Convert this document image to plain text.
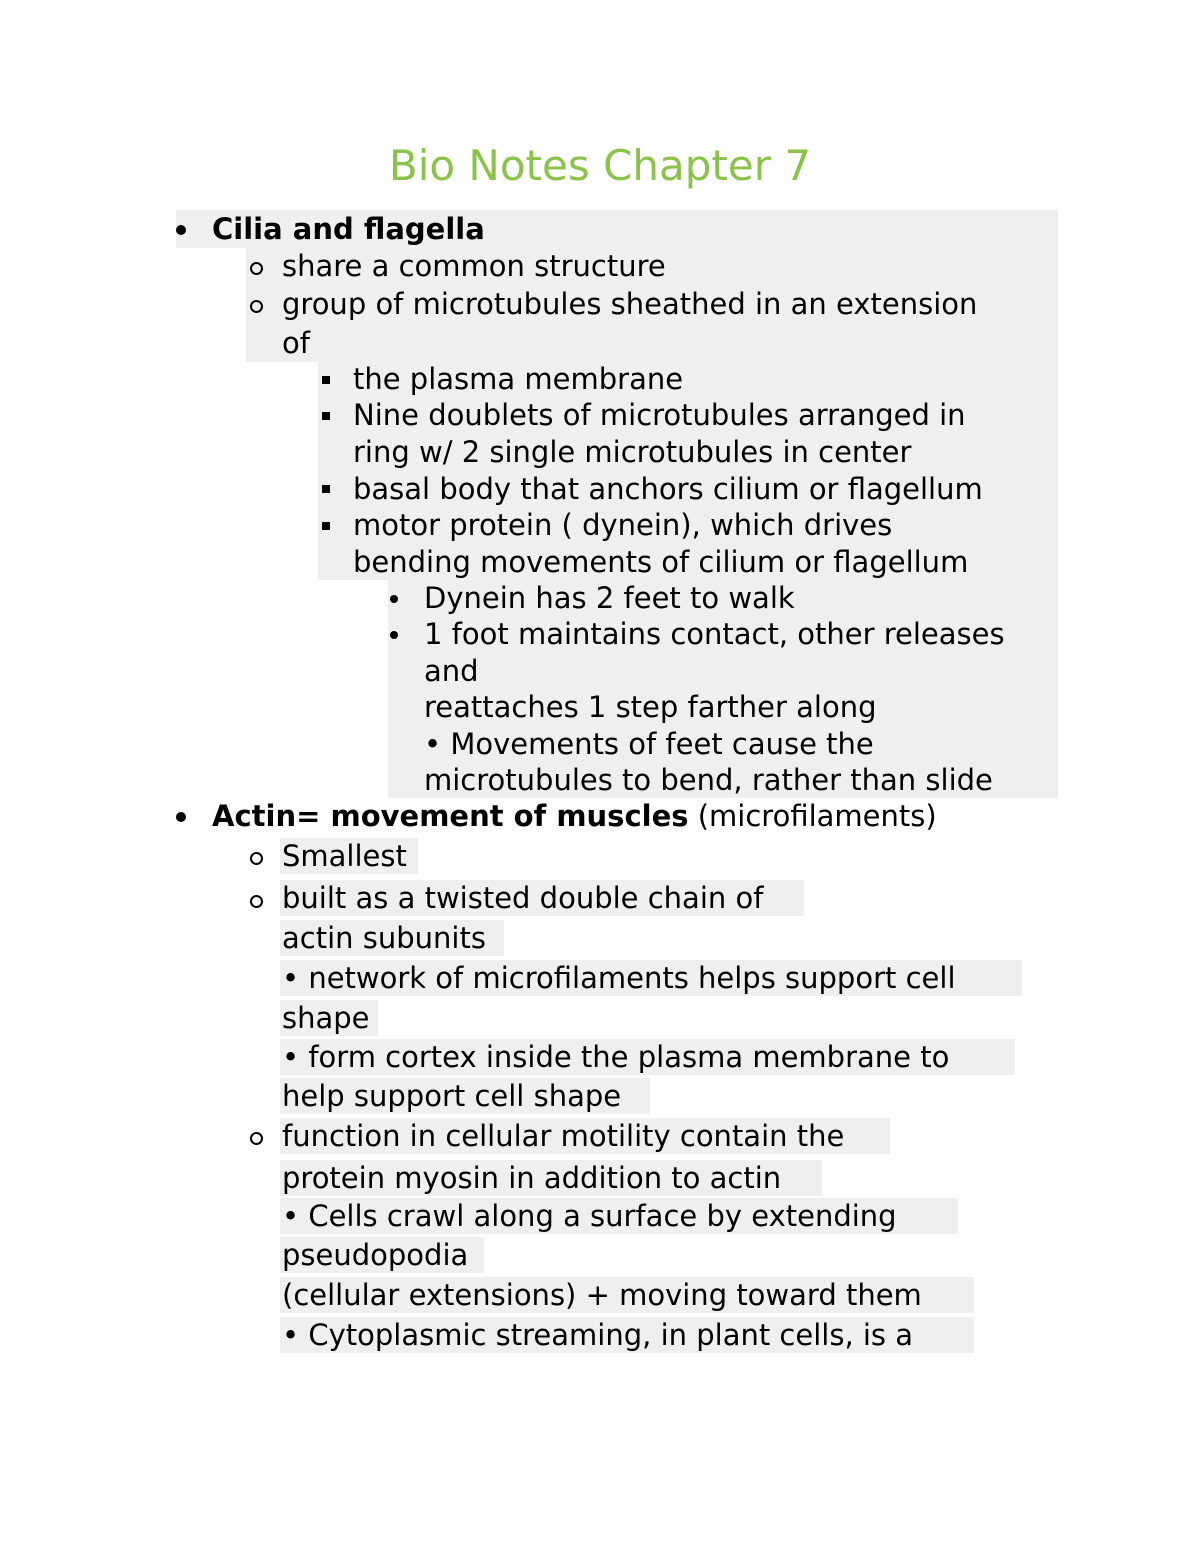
Bio Notes Chapter 7
Cilia and flagella
share a common structure
group of microtubules sheathed in an extension
of
the plasma membrane
Nine doublets of microtubules arranged in
ring w/ 2 single microtubules in center
basal body that anchors cilium or flagellum
motor protein ( dynein), which drives
bending movements of cilium or flagellum
Dynein has 2 feet to walk
1 foot maintains contact, other releases
and
reattaches 1 step farther along
• Movements of feet cause the
microtubules to bend, rather than slide
Actin= movement of muscles (microfilaments)
Smallest
built as a twisted double chain of
actin subunits
• network of microfilaments helps support cell
shape
• form cortex inside the plasma membrane to
help support cell shape
function in cellular motility contain the
protein myosin in addition to actin
• Cells crawl along a surface by extending
pseudopodia
(cellular extensions) + moving toward them
• Cytoplasmic streaming, in plant cells, is a
